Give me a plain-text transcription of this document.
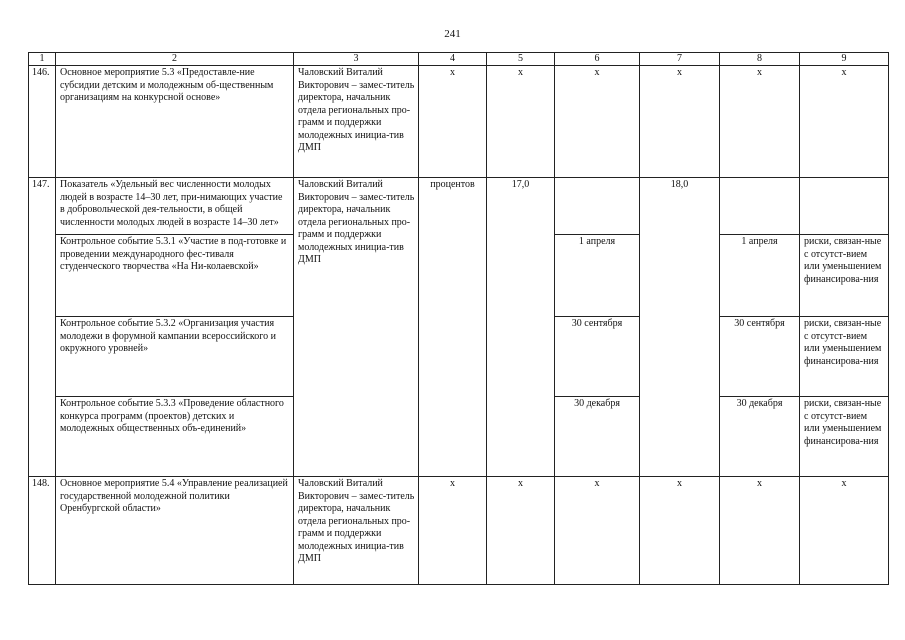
241
1	2	3	4	5	6	7	8	9
146.	Основное мероприятие 5.3 «Предоставле-ние субсидии детским и молодежным об-щественным организациям на конкурсной основе»	Чаловский Виталий Викторович – замес-титель директора, начальник отдела региональных про-грамм и поддержки молодежных инициа-тив ДМП	х	х	х	х	х	х
147.	Показатель «Удельный вес численности молодых людей в возрасте 14–30 лет, при-нимающих участие в добровольческой дея-тельности, в общей численности молодых людей в возрасте 14–30 лет»	Чаловский Виталий Викторович – замес-титель директора, начальник отдела региональных про-грамм и поддержки молодежных инициа-тив ДМП	процентов	17,0		18,0		
	Контрольное событие 5.3.1 «Участие в под-готовке и проведении международного фес-тиваля студенческого творчества «На Ни-колаевской»				1 апреля		1 апреля	риски, связан-ные с отсутст-вием или уменьшением финансирова-ния
	Контрольное событие 5.3.2 «Организация участия молодежи в форумной кампании всероссийского и окружного уровней»				30 сентября		30 сентября	риски, связан-ные с отсутст-вием или уменьшением финансирова-ния
	Контрольное событие 5.3.3 «Проведение областного конкурса программ (проектов) детских и молодежных общественных объ-единений»				30 декабря		30 декабря	риски, связан-ные с отсутст-вием или уменьшением финансирова-ния
148.	Основное мероприятие 5.4 «Управление реализацией государственной молодежной политики Оренбургской области»	Чаловский Виталий Викторович – замес-титель директора, начальник отдела региональных про-грамм и поддержки молодежных инициа-тив ДМП	х	х	х	х	х	х
